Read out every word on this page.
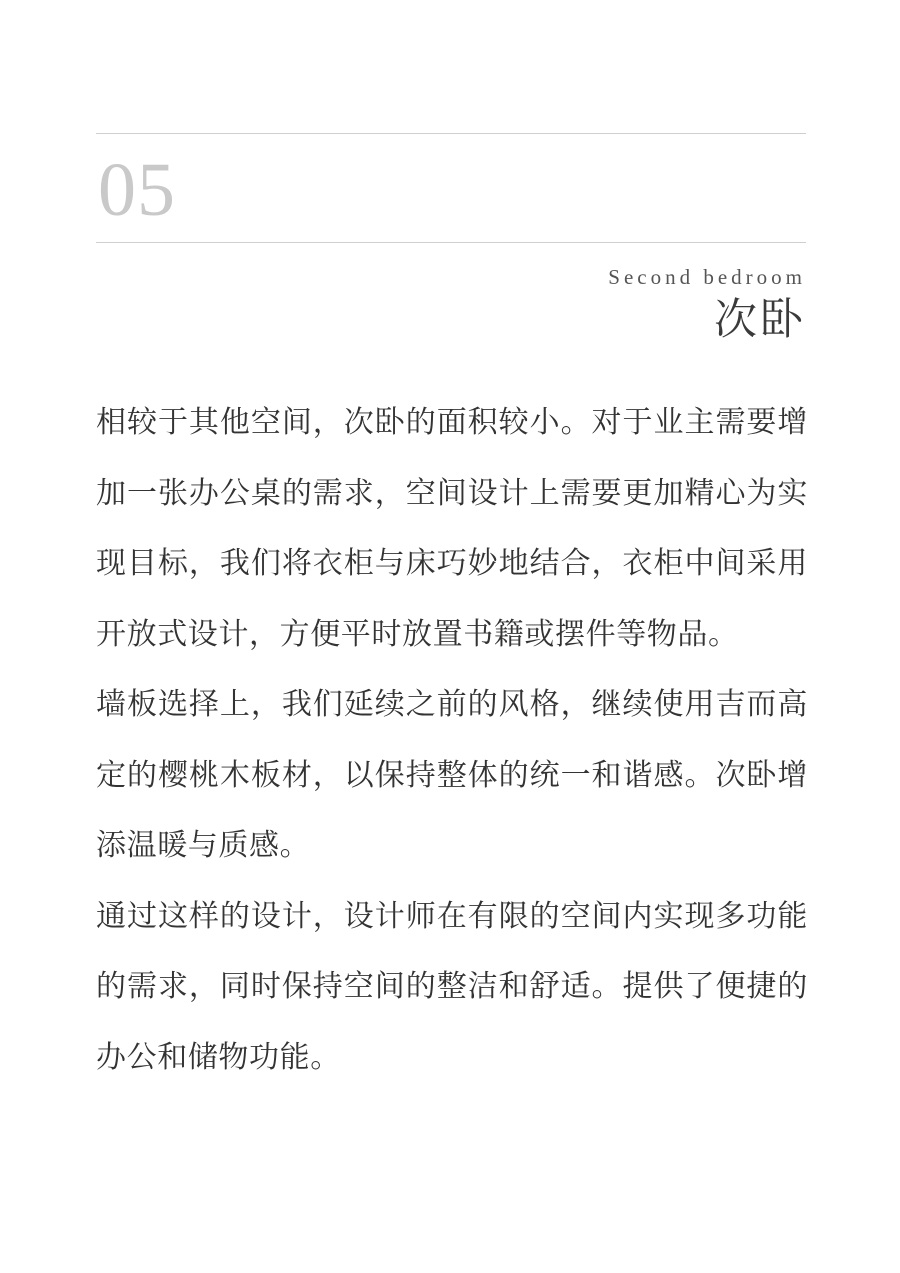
05
Second bedroom
次卧

相较于其他空间，次卧的面积较小。对于业主需要增加一张办公桌的需求，空间设计上需要更加精心为实现目标，我们将衣柜与床巧妙地结合，衣柜中间采用开放式设计，方便平时放置书籍或摆件等物品。

墙板选择上，我们延续之前的风格，继续使用吉而高定的樱桃木板材，以保持整体的统一和谐感。次卧增添温暖与质感。

通过这样的设计，设计师在有限的空间内实现多功能的需求，同时保持空间的整洁和舒适。提供了便捷的办公和储物功能。
